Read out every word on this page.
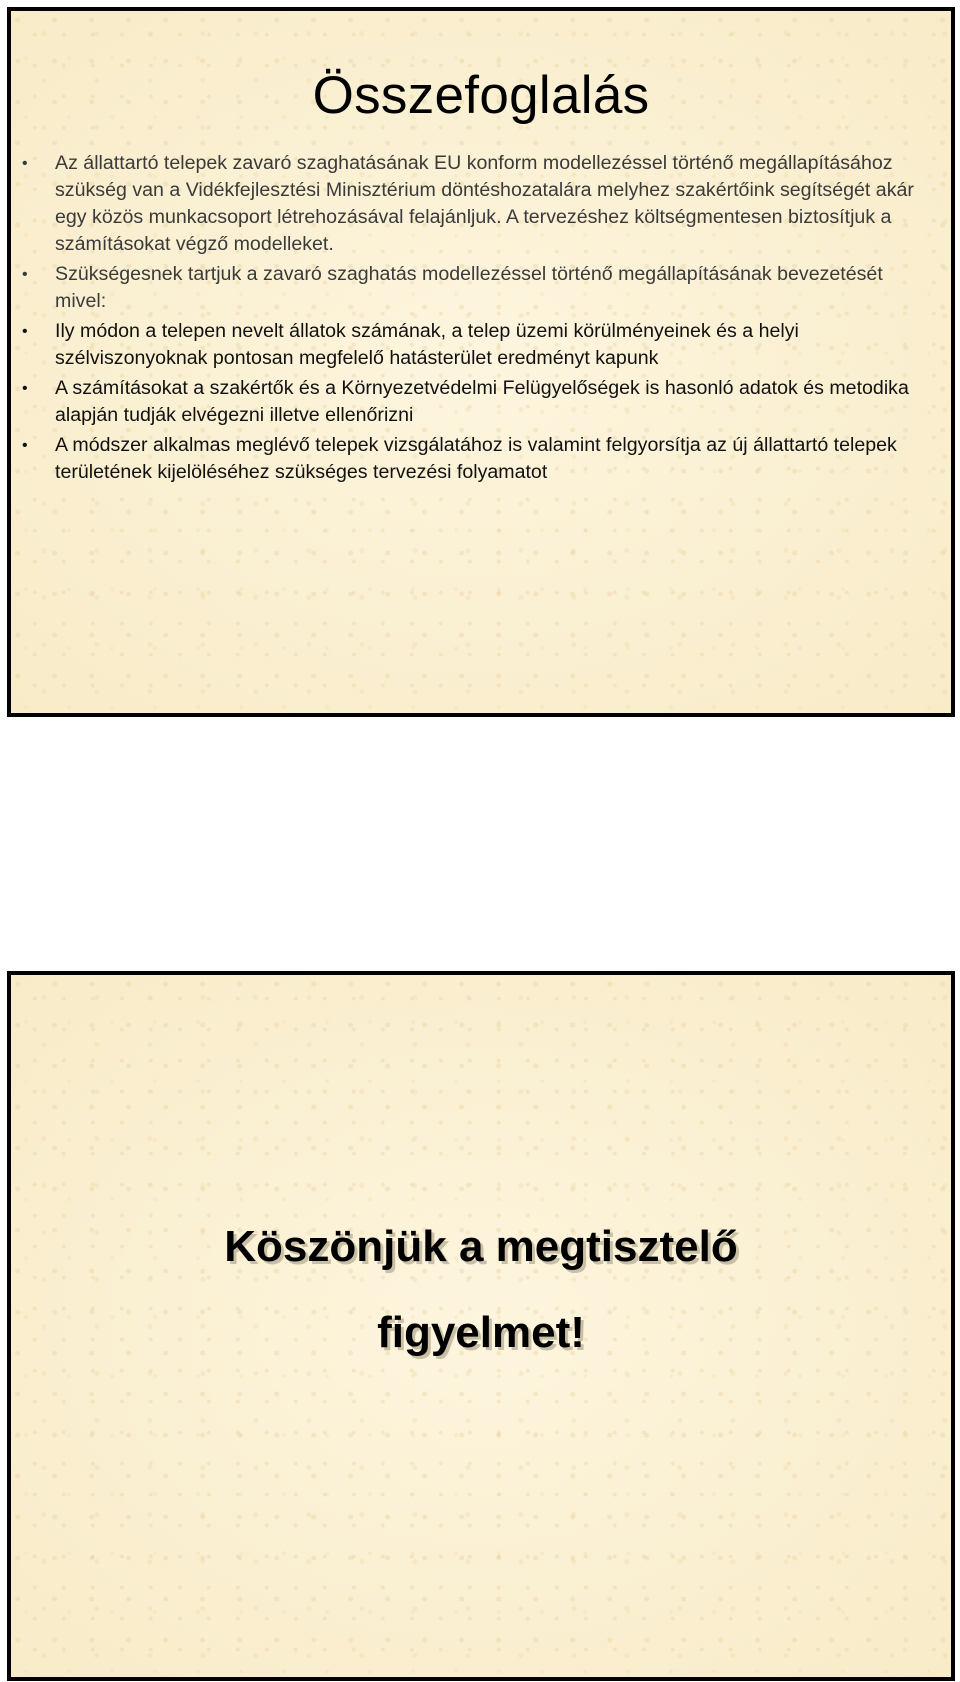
Összefoglalás
• Az állattartó telepek zavaró szaghatásának EU konform modellezéssel történő megállapításához szükség van a Vidékfejlesztési Minisztérium döntéshozatalára melyhez szakértőink segítségét akár egy közös munkacsoport létrehozásával felajánljuk. A tervezéshez költségmentesen biztosítjuk a számításokat végző modelleket.
• Szükségesnek tartjuk a zavaró szaghatás modellezéssel történő megállapításának bevezetését mivel:
• Ily módon a telepen nevelt állatok számának, a telep üzemi körülményeinek és a helyi szélviszonyoknak pontosan megfelelő hatásterület eredményt kapunk
• A számításokat a szakértők és a Környezetvédelmi Felügyelőségek is hasonló adatok és metodika alapján tudják elvégezni illetve ellenőrizni
• A módszer alkalmas meglévő telepek vizsgálatához is valamint felgyorsítja az új állattartó telepek területének kijelöléséhez szükséges tervezési folyamatot
Köszönjük a megtisztelő
figyelmet!
